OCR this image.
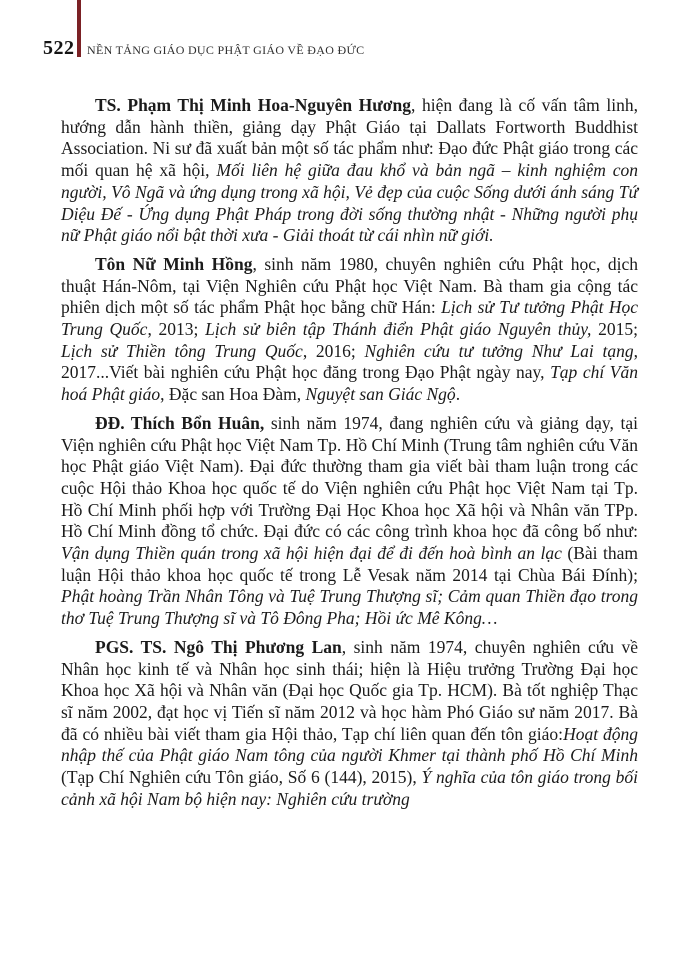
522 NỀN TẢNG GIÁO DỤC PHẬT GIÁO VỀ ĐẠO ĐỨC

TS. Phạm Thị Minh Hoa-Nguyên Hương, hiện đang là cố vấn tâm linh, hướng dẫn hành thiền, giảng dạy Phật Giáo tại Dallats Fortworth Buddhist Association. Ni sư đã xuất bản một số tác phẩm như: Đạo đức Phật giáo trong các mối quan hệ xã hội, Mối liên hệ giữa đau khổ và bản ngã – kinh nghiệm con người, Vô Ngã và ứng dụng trong xã hội, Vẻ đẹp của cuộc Sống dưới ánh sáng Tứ Diệu Đế - Ứng dụng Phật Pháp trong đời sống thường nhật - Những người phụ nữ Phật giáo nổi bật thời xưa - Giải thoát từ cái nhìn nữ giới.

Tôn Nữ Minh Hồng, sinh năm 1980, chuyên nghiên cứu Phật học, dịch thuật Hán-Nôm, tại Viện Nghiên cứu Phật học Việt Nam. Bà tham gia cộng tác phiên dịch một số tác phẩm Phật học bằng chữ Hán: Lịch sử Tư tưởng Phật Học Trung Quốc, 2013; Lịch sử biên tập Thánh điển Phật giáo Nguyên thủy, 2015; Lịch sử Thiền tông Trung Quốc, 2016; Nghiên cứu tư tưởng Như Lai tạng, 2017...Viết bài nghiên cứu Phật học đăng trong Đạo Phật ngày nay, Tạp chí Văn hoá Phật giáo, Đặc san Hoa Đàm, Nguyệt san Giác Ngộ.

ĐĐ. Thích Bổn Huân, sinh năm 1974, đang nghiên cứu và giảng dạy, tại Viện nghiên cứu Phật học Việt Nam Tp. Hồ Chí Minh (Trung tâm nghiên cứu Văn học Phật giáo Việt Nam). Đại đức thường tham gia viết bài tham luận trong các cuộc Hội thảo Khoa học quốc tế do Viện nghiên cứu Phật học Việt Nam tại Tp. Hồ Chí Minh phối hợp với Trường Đại Học Khoa học Xã hội và Nhân văn TPp. Hồ Chí Minh đồng tổ chức. Đại đức có các công trình khoa học đã công bố như: Vận dụng Thiền quán trong xã hội hiện đại để đi đến hoà bình an lạc (Bài tham luận Hội thảo khoa học quốc tế trong Lễ Vesak năm 2014 tại Chùa Bái Đính); Phật hoàng Trần Nhân Tông và Tuệ Trung Thượng sĩ; Cảm quan Thiền đạo trong thơ Tuệ Trung Thượng sĩ và Tô Đông Pha; Hồi ức Mê Kông…

PGS. TS. Ngô Thị Phương Lan, sinh năm 1974, chuyên nghiên cứu về Nhân học kinh tế và Nhân học sinh thái; hiện là Hiệu trưởng Trường Đại học Khoa học Xã hội và Nhân văn (Đại học Quốc gia Tp. HCM). Bà tốt nghiệp Thạc sĩ năm 2002, đạt học vị Tiến sĩ năm 2012 và học hàm Phó Giáo sư năm 2017. Bà đã có nhiều bài viết tham gia Hội thảo, Tạp chí liên quan đến tôn giáo:Hoạt động nhập thế của Phật giáo Nam tông của người Khmer tại thành phố Hồ Chí Minh (Tạp Chí Nghiên cứu Tôn giáo, Số 6 (144), 2015), Ý nghĩa của tôn giáo trong bối cảnh xã hội Nam bộ hiện nay: Nghiên cứu trường
